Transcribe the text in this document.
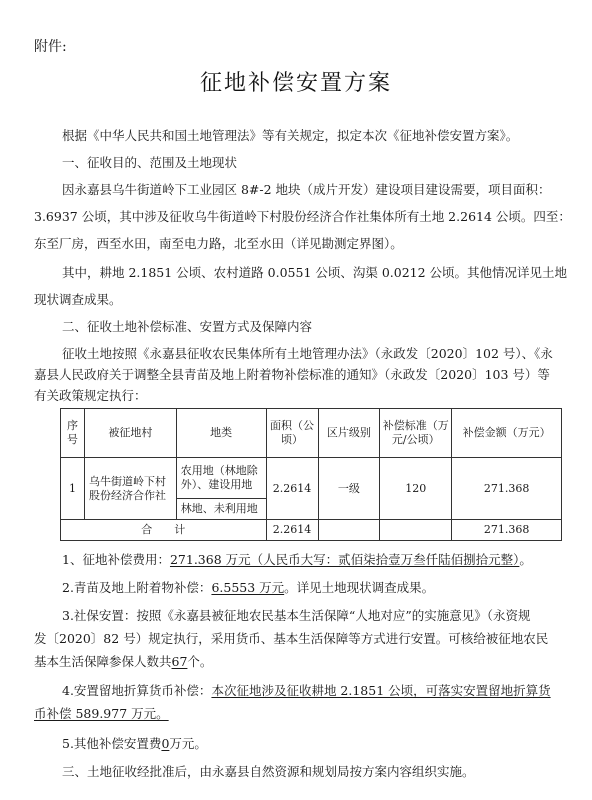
附件:
征地补偿安置方案
根据《中华人民共和国土地管理法》等有关规定，拟定本次《征地补偿安置方案》。
一、征收目的、范围及土地现状
因永嘉县乌牛街道岭下工业园区 8#-2 地块（成片开发）建设项目建设需要，项目面积：
3.6937 公顷，其中涉及征收乌牛街道岭下村股份经济合作社集体所有土地 2.2614 公顷。四至：
东至厂房，西至水田，南至电力路，北至水田（详见勘测定界图）。
其中，耕地 2.1851 公顷、农村道路 0.0551 公顷、沟渠 0.0212 公顷。其他情况详见土地
现状调查成果。
二、征收土地补偿标准、安置方式及保障内容
征收土地按照《永嘉县征收农民集体所有土地管理办法》（永政发〔2020〕102 号）、《永
嘉县人民政府关于调整全县青苗及地上附着物补偿标准的通知》（永政发〔2020〕103 号）等
有关政策规定执行：
序号	被征地村	地类	面积（公顷）	区片级别	补偿标准（万元/公顷）	补偿金额（万元）
1	乌牛街道岭下村股份经济合作社	农用地（林地除外）、建设用地	2.2614	一级	120	271.368
		林地、未利用地				
合　　计			2.2614			271.368
1、征地补偿费用：271.368 万元（人民币大写：贰佰柒拾壹万叁仟陆佰捌拾元整）。
2.青苗及地上附着物补偿：6.5553 万元。详见土地现状调查成果。
3.社保安置：按照《永嘉县被征地农民基本生活保障“人地对应”的实施意见》（永资规
发〔2020〕82 号）规定执行，采用货币、基本生活保障等方式进行安置。可核给被征地农民
基本生活保障参保人数共67个。
4.安置留地折算货币补偿：本次征地涉及征收耕地 2.1851 公顷，可落实安置留地折算货
币补偿 589.977 万元。
5.其他补偿安置费0万元。
三、土地征收经批准后，由永嘉县自然资源和规划局按方案内容组织实施。
